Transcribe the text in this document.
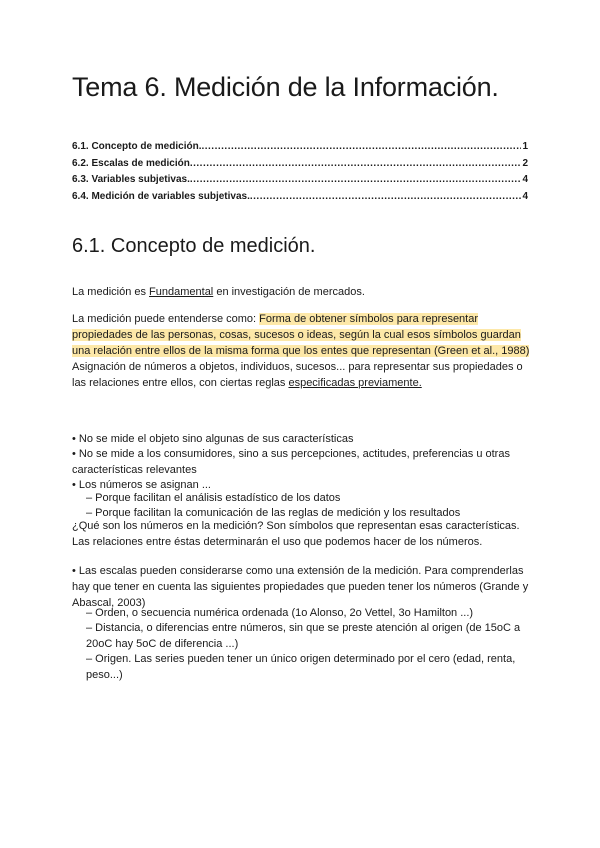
Tema 6. Medición de la Información.
6.1. Concepto de medición. .....	1
6.2. Escalas de medición .....	2
6.3. Variables subjetivas. .....	4
6.4. Medición de variables subjetivas. .....	4
6.1. Concepto de medición.

La medición es Fundamental en investigación de mercados.

La medición puede entenderse como: Forma de obtener símbolos para representar propiedades de las personas, cosas, sucesos o ideas, según la cual esos símbolos guardan una relación entre ellos de la misma forma que los entes que representan (Green et al., 1988)
Asignación de números a objetos, individuos, sucesos... para representar sus propiedades o las relaciones entre ellos, con ciertas reglas especificadas previamente.

• No se mide el objeto sino algunas de sus características

• No se mide a los consumidores, sino a sus percepciones, actitudes, preferencias u otras características relevantes

• Los números se asignan ...

– Porque facilitan el análisis estadístico de los datos

– Porque facilitan la comunicación de las reglas de medición y los resultados

¿Qué son los números en la medición? Son símbolos que representan esas características. Las relaciones entre éstas determinarán el uso que podemos hacer de los números.

• Las escalas pueden considerarse como una extensión de la medición. Para comprenderlas hay que tener en cuenta las siguientes propiedades que pueden tener los números (Grande y Abascal, 2003)

– Orden, o secuencia numérica ordenada (1o Alonso, 2o Vettel, 3o Hamilton ...)

– Distancia, o diferencias entre números, sin que se preste atención al origen (de 15oC a 20oC hay 5oC de diferencia ...)

– Origen. Las series pueden tener un único origen determinado por el cero (edad, renta, peso...)
